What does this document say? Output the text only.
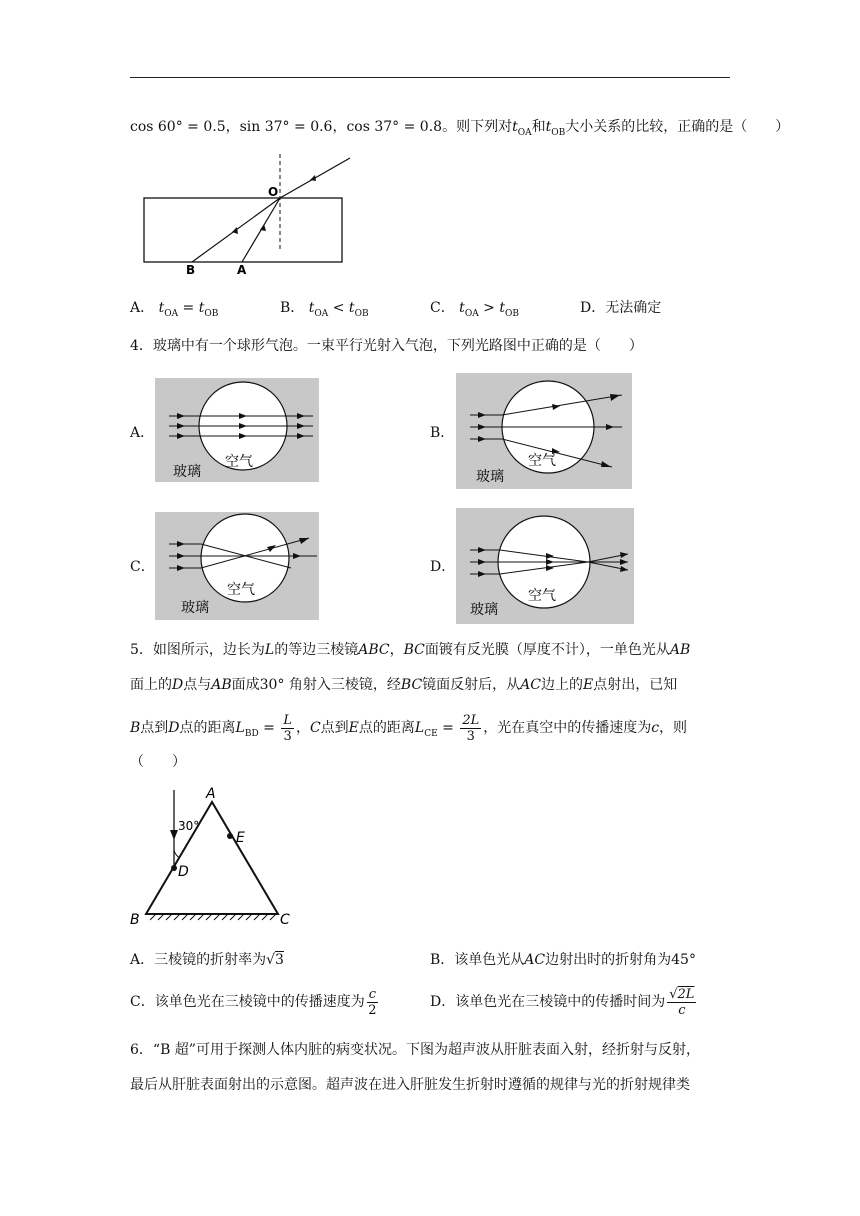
cos 60° = 0.5，sin 37° = 0.6，cos 37° = 0.8。则下列对$t_{OA}$和$t_{OB}$大小关系的比较，正确的是（　　）
O
B	A
A． $t_{OA} = t_{OB}$	B． $t_{OA} < t_{OB}$	C． $t_{OA} > t_{OB}$	D．无法确定
4．玻璃中有一个球形气泡。一束平行光射入气泡，下列光路图中正确的是（　　）
A．
空气
玻璃
B．
空气
玻璃
C．
空气
玻璃
D．
空气
玻璃
5．如图所示，边长为L的等边三棱镜ABC，BC面镀有反光膜（厚度不计），一单色光从AB
面上的D点与AB面成30° 角射入三棱镜，经BC镜面反射后，从AC边上的E点射出，已知
B点到D点的距离$L_{BD} = \frac{L}{3}$ ，C点到E点的距离$L_{CE} = \frac{2L}{3}$ ，光在真空中的传播速度为c，则
（　　）
A
30°
E
D
B	C
A．三棱镜的折射率为√3	B．该单色光从AC边射出时的折射角为45°
C．该单色光在三棱镜中的传播速度为 $\frac{c}{2}$	D．该单色光在三棱镜中的传播时间为 $\frac{√2L}{c}$
6．“B 超”可用于探测人体内脏的病变状况。下图为超声波从肝脏表面入射，经折射与反射，
最后从肝脏表面射出的示意图。超声波在进入肝脏发生折射时遵循的规律与光的折射规律类
